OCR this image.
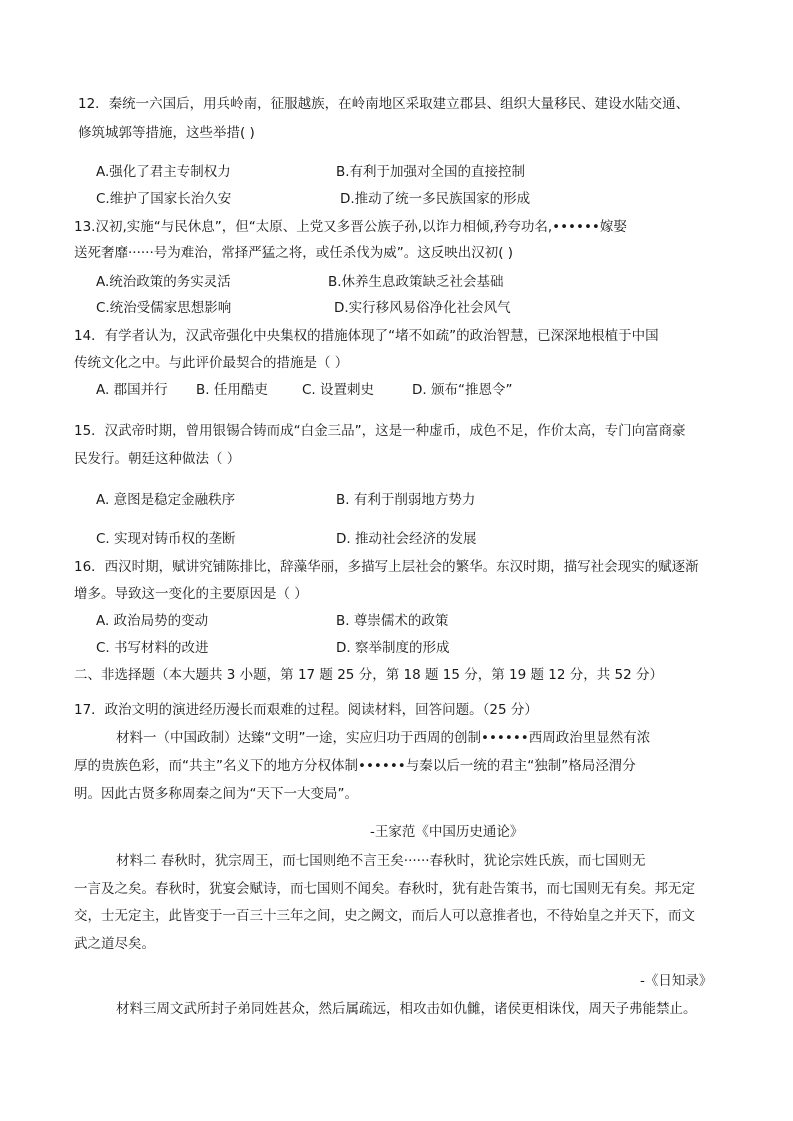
12．秦统一六国后，用兵岭南，征服越族，在岭南地区采取建立郡县、组织大量移民、建设水陆交通、
修筑城郭等措施，这些举措( )
A.强化了君主专制权力	B.有利于加强对全国的直接控制
C.维护了国家长治久安	D.推动了统一多民族国家的形成
13.汉初,实施“与民休息”，但“太原、上党又多晋公族子孙,以诈力相倾,矜夸功名,••••••嫁娶
送死奢靡······号为难治，常择严猛之将，或任杀伐为威”。这反映出汉初( )
A.统治政策的务实灵活	B.休养生息政策缺乏社会基础
C.统治受儒家思想影响	D.实行移风易俗净化社会风气
14．有学者认为，汉武帝强化中央集权的措施体现了“堵不如疏”的政治智慧，已深深地根植于中国
传统文化之中。与此评价最契合的措施是（ ）
A. 郡国并行 B. 任用酷吏	C. 设置刺史	D. 颁布“推恩令”
15．汉武帝时期，曾用银锡合铸而成“白金三品”，这是一种虚币，成色不足，作价太高，专门向富商豪
民发行。朝廷这种做法（ ）
A. 意图是稳定金融秩序	B. 有利于削弱地方势力
C. 实现对铸币权的垄断	D. 推动社会经济的发展
16．西汉时期，赋讲究铺陈排比，辞藻华丽，多描写上层社会的繁华。东汉时期，描写社会现实的赋逐渐
增多。导致这一变化的主要原因是（ ）
A. 政治局势的变动	B. 尊崇儒术的政策
C. 书写材料的改进	D. 察举制度的形成
二、非选择题（本大题共 3 小题，第 17 题 25 分，第 18 题 15 分，第 19 题 12 分，共 52 分）
17．政治文明的演进经历漫长而艰难的过程。阅读材料，回答问题。（25 分）
材料一（中国政制）达臻“文明”一途，实应归功于西周的创制••••••西周政治里显然有浓
厚的贵族色彩，而“共主”名义下的地方分权体制••••••与秦以后一统的君主“独制”格局泾渭分
明。因此古贤多称周秦之间为“天下一大变局”。
-王家范《中国历史通论》
材料二 春秋时，犹宗周王，而七国则绝不言王矣······春秋时，犹论宗姓氏族，而七国则无
一言及之矣。春秋时，犹宴会赋诗，而七国则不闻矣。春秋时，犹有赴告策书，而七国则无有矣。邦无定
交，士无定主，此皆变于一百三十三年之间，史之阙文，而后人可以意推者也，不待始皇之并天下，而文
武之道尽矣。
-《日知录》
材料三周文武所封子弟同姓甚众，然后属疏远，相攻击如仇雠，诸侯更相诛伐，周天子弗能禁止。
